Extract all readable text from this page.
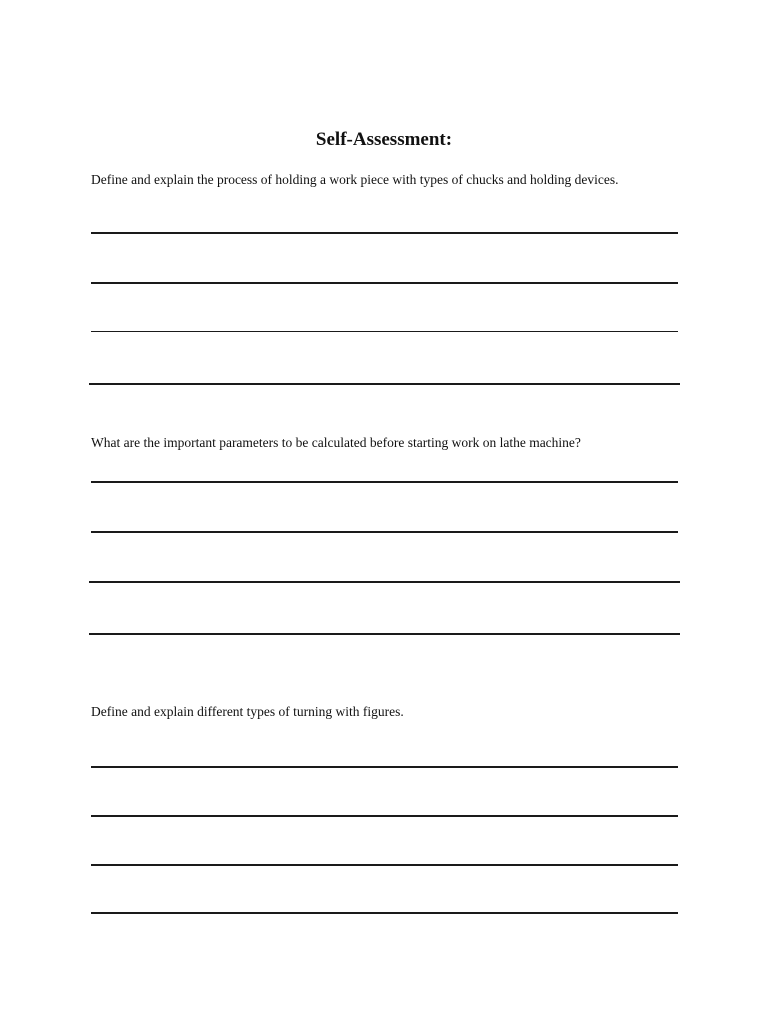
Self-Assessment:

Define and explain the process of holding a work piece with types of chucks and holding devices.

What are the important parameters to be calculated before starting work on lathe machine?

Define and explain different types of turning with figures.
